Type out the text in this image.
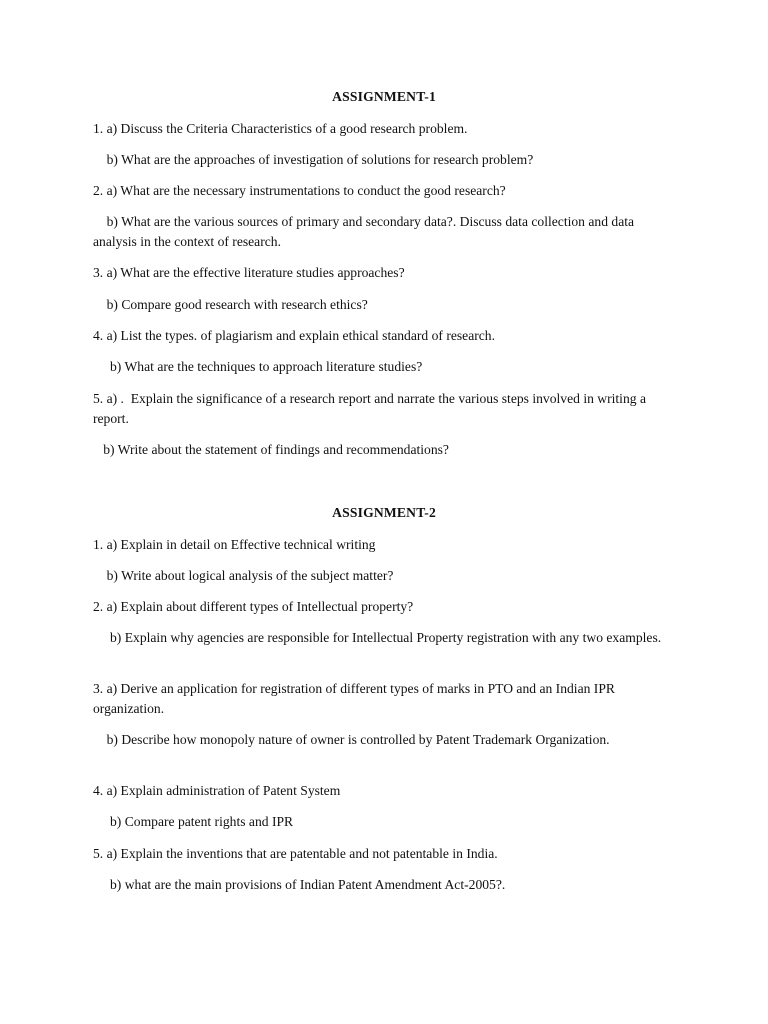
ASSIGNMENT-1

1. a) Discuss the Criteria Characteristics of a good research problem.

b) What are the approaches of investigation of solutions for research problem?

2. a) What are the necessary instrumentations to conduct the good research?

b) What are the various sources of primary and secondary data?. Discuss data collection and data   analysis in the context of research.

3. a) What are the effective literature studies approaches?

b) Compare good research with research ethics?

4. a) List the types. of plagiarism and explain ethical standard of research.

b) What are the techniques to approach literature studies?

5. a) .  Explain the significance of a research report and narrate the various steps involved in writing a report.

b) Write about the statement of findings and recommendations?

ASSIGNMENT-2

1. a) Explain in detail on Effective technical writing

b) Write about logical analysis of the subject matter?

2. a) Explain about different types of Intellectual property?

b) Explain why agencies are responsible for Intellectual Property registration with any two examples.

3. a) Derive an application for registration of different types of marks in PTO and an Indian IPR organization.

b) Describe how monopoly nature of owner is controlled by Patent Trademark Organization.

4. a) Explain administration of Patent System

b) Compare patent rights and IPR

5. a) Explain the inventions that are patentable and not patentable in India.

b) what are the main provisions of Indian Patent Amendment Act-2005?.
